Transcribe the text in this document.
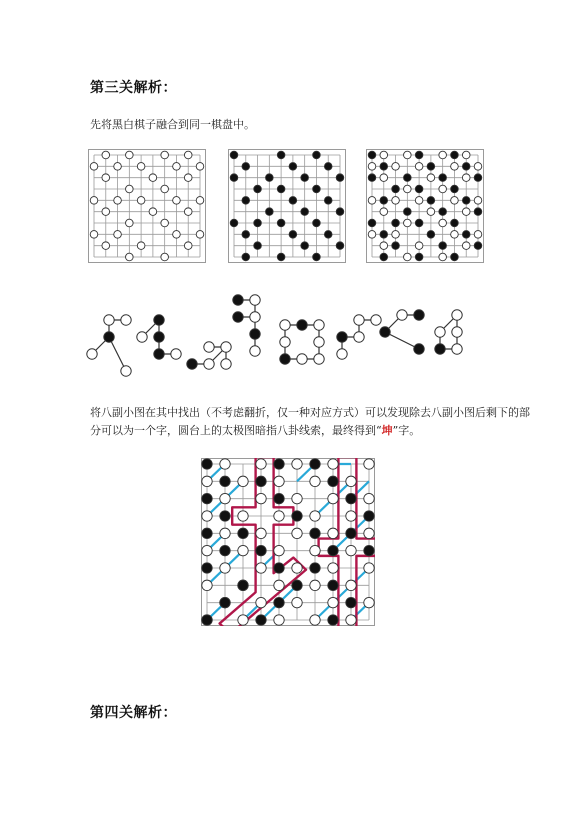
第三关解析：

先将黑白棋子融合到同一棋盘中。

将八副小图在其中找出（不考虑翻折，仅一种对应方式）可以发现除去八副小图后剩下的部
分可以为一个字，圆台上的太极图暗指八卦线索，最终得到“坤”字。

第四关解析：
